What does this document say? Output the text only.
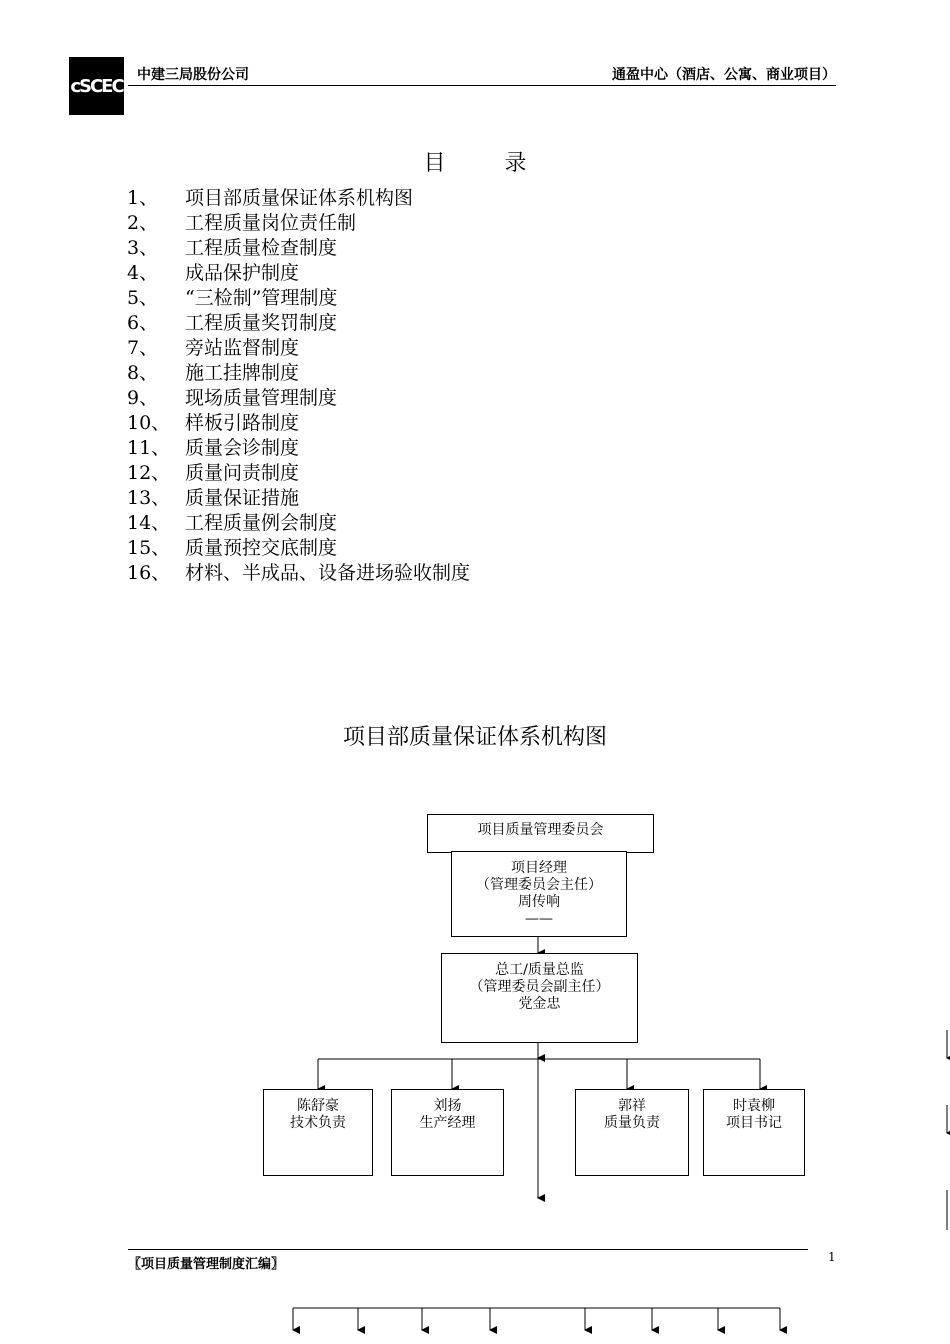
cSCEC
中建三局股份公司	通盈中心（酒店、公寓、商业项目）
目 录
1、	项目部质量保证体系机构图
2、	工程质量岗位责任制
3、	工程质量检查制度
4、	成品保护制度
5、	“三检制”管理制度
6、	工程质量奖罚制度
7、	旁站监督制度
8、	施工挂牌制度
9、	现场质量管理制度
10、 样板引路制度
11、 质量会诊制度
12、 质量问责制度
13、 质量保证措施
14、 工程质量例会制度
15、 质量预控交底制度
16、 材料、半成品、设备进场验收制度
项目部质量保证体系机构图
项目质量管理委员会
项目经理
（管理委员会主任）
周传响
——
总工/质量总监
（管理委员会副主任）
党金忠
陈舒豪
技术负责
刘扬
生产经理
郭祥
质量负责
时袁柳
项目书记
〖项目质量管理制度汇编〗	1
